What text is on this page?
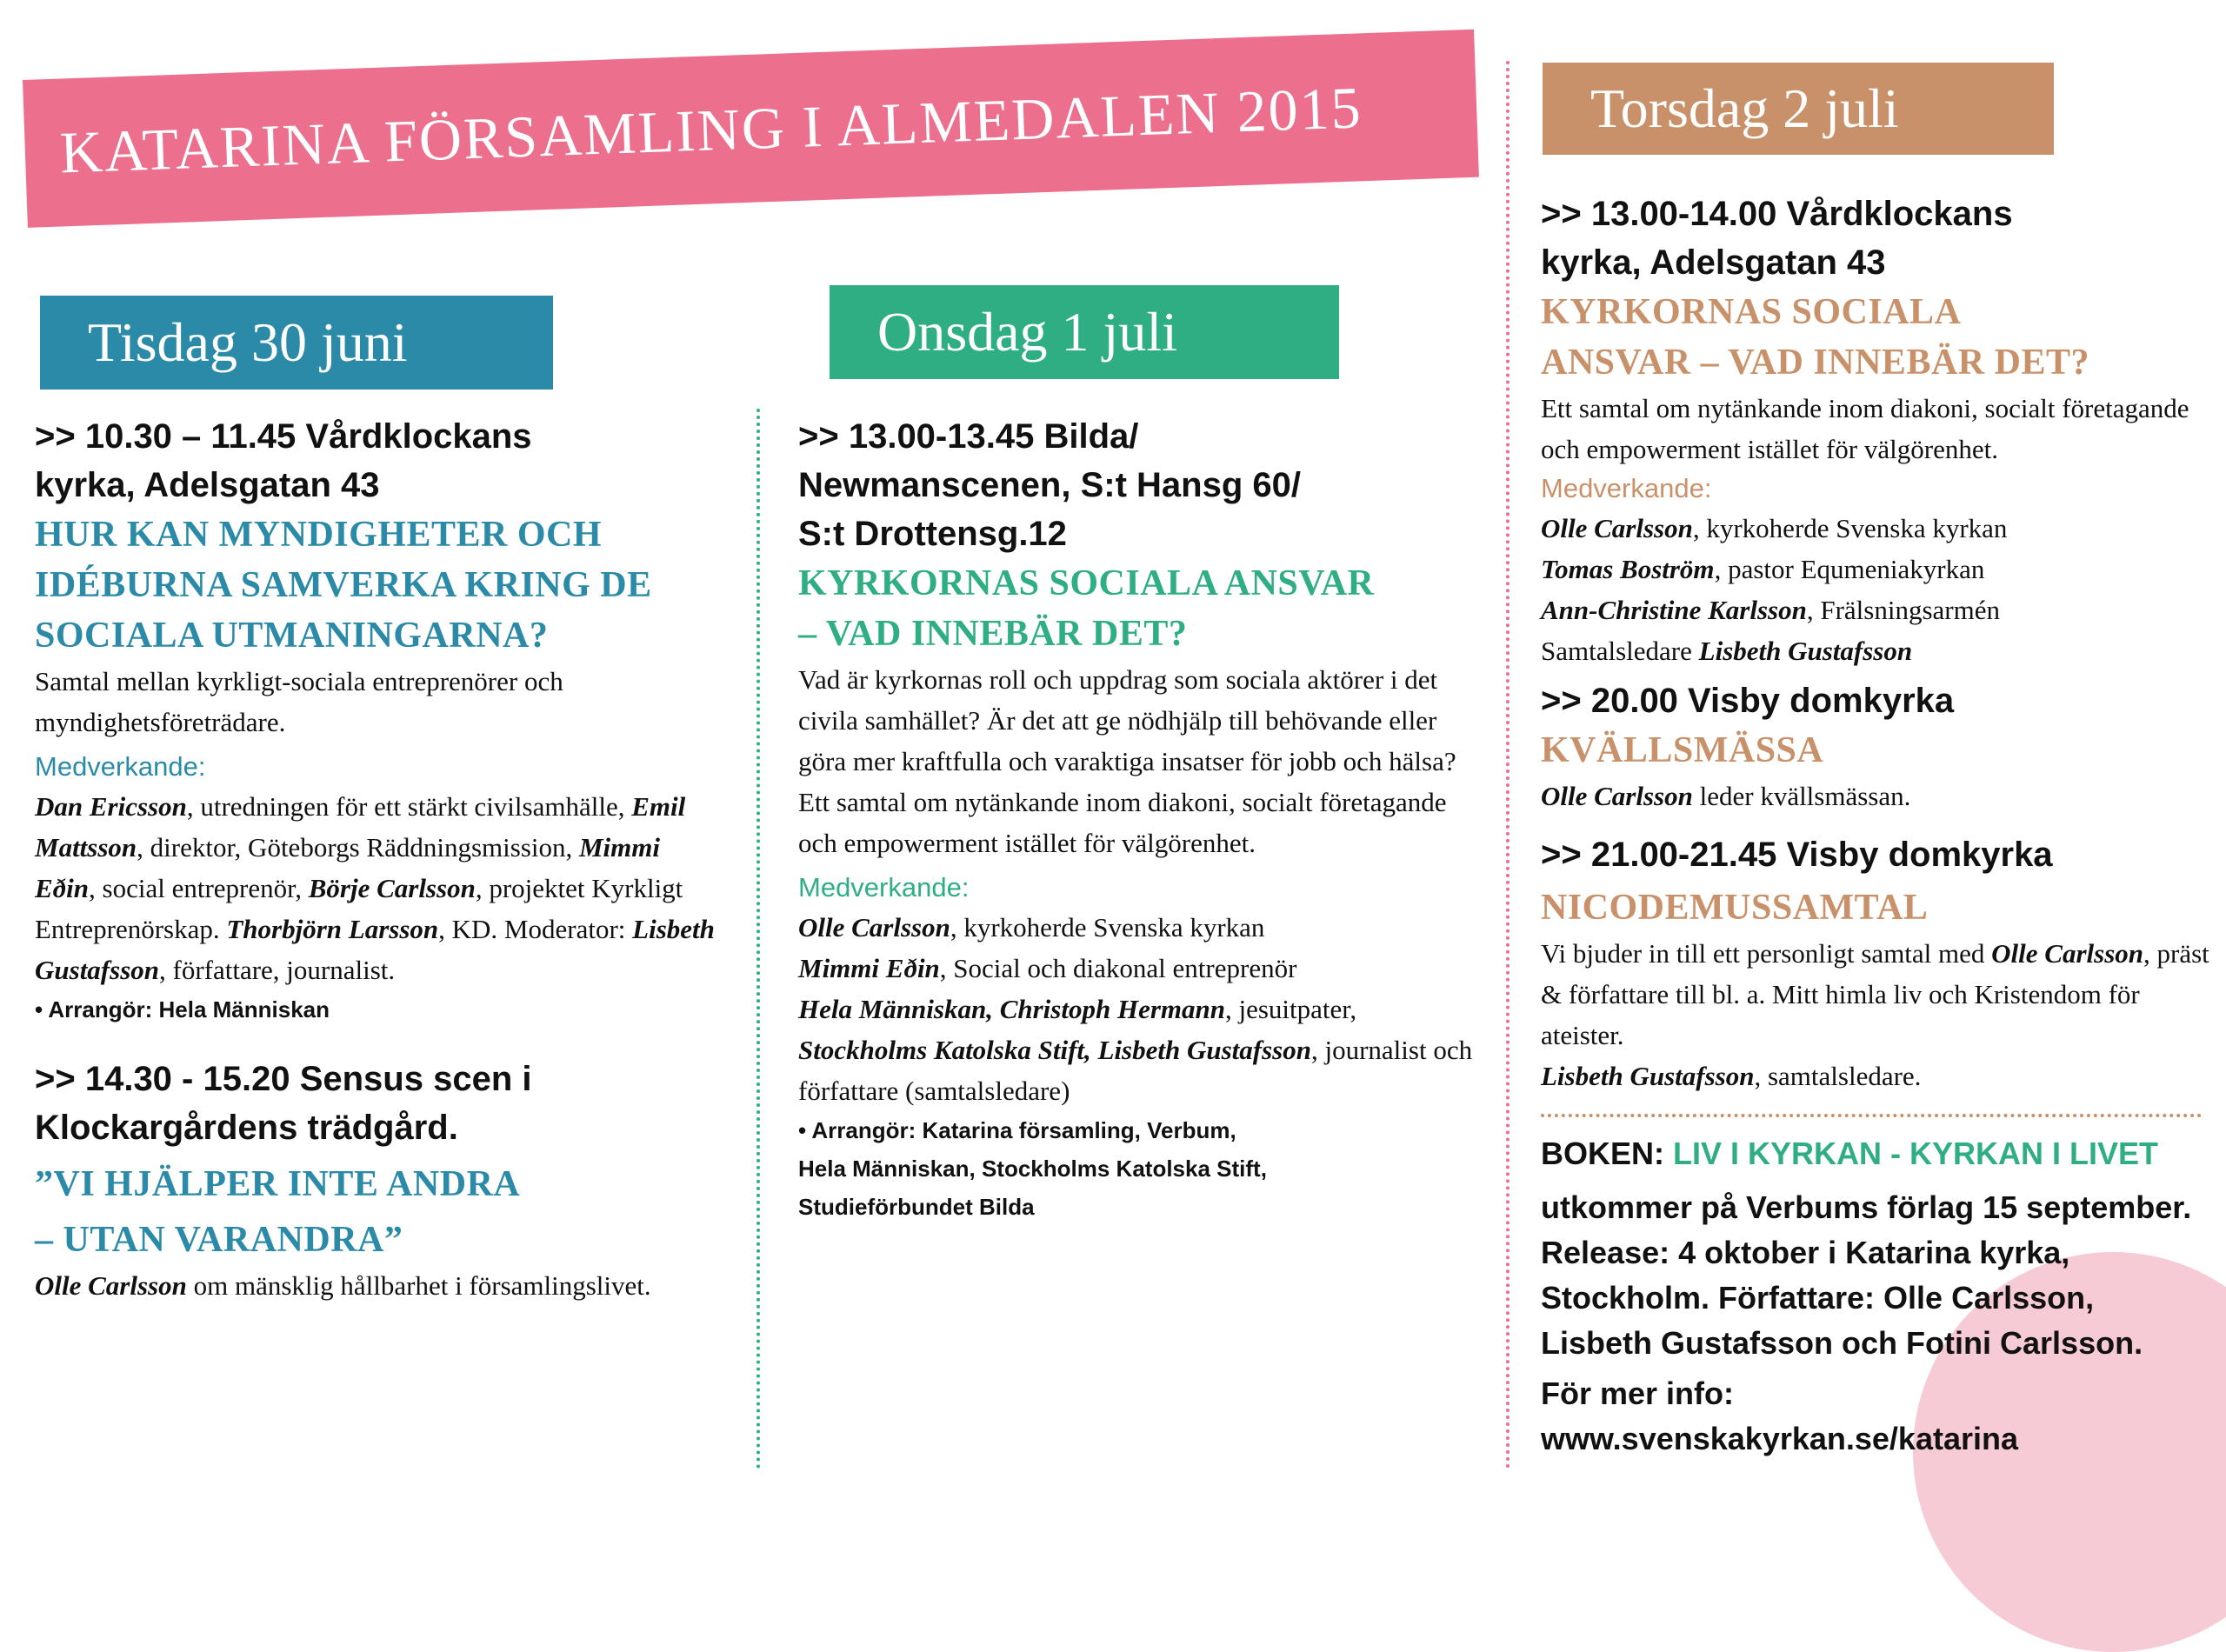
KATARINA FÖRSAMLING I ALMEDALEN 2015
Tisdag 30 juni

>> 10.30 – 11.45 Vårdklockans

kyrka, Adelsgatan 43

HUR KAN MYNDIGHETER OCH

IDÉBURNA SAMVERKA KRING DE

SOCIALA UTMANINGARNA?

Samtal mellan kyrkligt-sociala entreprenörer och myndighetsföreträdare.

Medverkande:

Dan Ericsson, utredningen för ett stärkt civilsamhälle, Emil Mattsson, direktor, Göteborgs Räddningsmission, Mimmi Eðin, social entreprenör, Börje Carlsson, projektet Kyrkligt Entreprenörskap. Thorbjörn Larsson, KD. Moderator: Lisbeth Gustafsson, författare, journalist.

• Arrangör: Hela Människan

>> 14.30 - 15.20 Sensus scen i

Klockargårdens trädgård.

”VI HJÄLPER INTE ANDRA

– UTAN VARANDRA”

Olle Carlsson om mänsklig hållbarhet i församlingslivet.

Onsdag 1 juli

>> 13.00-13.45 Bilda/

Newmanscenen, S:t Hansg 60/

S:t Drottensg.12

KYRKORNAS SOCIALA ANSVAR

– VAD INNEBÄR DET?

Vad är kyrkornas roll och uppdrag som sociala aktörer i det civila samhället? Är det att ge nödhjälp till behövande eller göra mer kraftfulla och varaktiga insatser för jobb och hälsa? Ett samtal om nytänkande inom diakoni, socialt företagande och empowerment istället för välgörenhet.

Medverkande:

Olle Carlsson, kyrkoherde Svenska kyrkan
Mimmi Eðin, Social och diakonal entreprenör
Hela Människan, Christoph Hermann, jesuitpater, Stockholms Katolska Stift, Lisbeth Gustafsson, journalist och författare (samtalsledare)

• Arrangör: Katarina församling, Verbum,

Hela Människan, Stockholms Katolska Stift,

Studieförbundet Bilda

Torsdag 2 juli

>> 13.00-14.00 Vårdklockans

kyrka, Adelsgatan 43

KYRKORNAS SOCIALA

ANSVAR – VAD INNEBÄR DET?

Ett samtal om nytänkande inom diakoni, socialt företagande och empowerment istället för välgörenhet.

Medverkande:

Olle Carlsson, kyrkoherde Svenska kyrkan
Tomas Boström, pastor Equmeniakyrkan
Ann-Christine Karlsson, Frälsningsarmén
Samtalsledare Lisbeth Gustafsson

>> 20.00 Visby domkyrka

KVÄLLSMÄSSA

Olle Carlsson leder kvällsmässan.

>> 21.00-21.45 Visby domkyrka

NICODEMUSSAMTAL

Vi bjuder in till ett personligt samtal med Olle Carlsson, präst & författare till bl. a. Mitt himla liv och Kristendom för ateister.
Lisbeth Gustafsson, samtalsledare.

BOKEN: LIV I KYRKAN - KYRKAN I LIVET

utkommer på Verbums förlag 15 september.

Release: 4 oktober i Katarina kyrka,

Stockholm. Författare: Olle Carlsson,

Lisbeth Gustafsson och Fotini Carlsson.

För mer info: www.svenskakyrkan.se/katarina
